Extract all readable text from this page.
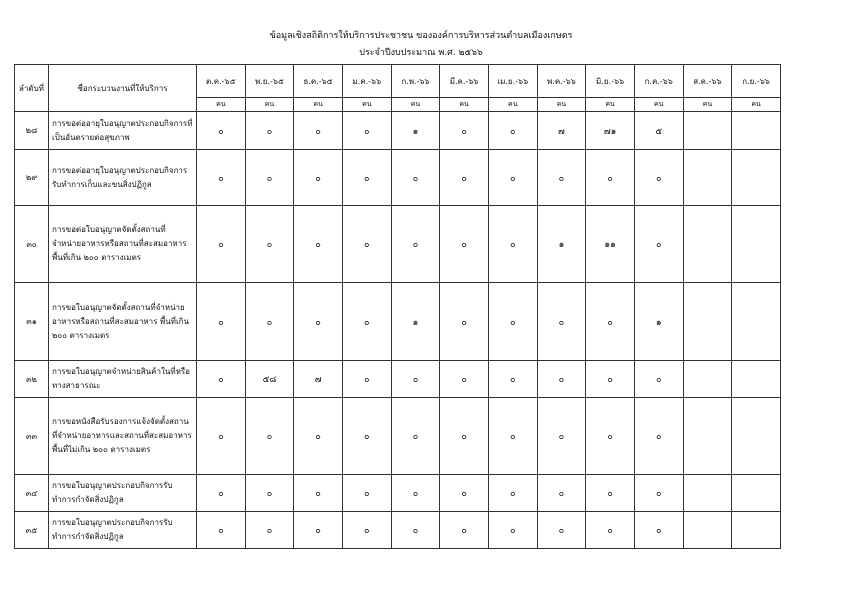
ข้อมูลเชิงสถิติการให้บริการประชาชน ขององค์การบริหารส่วนตำบลเมืองเกษตร
ประจำปีงบประมาณ พ.ศ. ๒๕๖๖
ลำดับที่	ชื่อกระบวนงานที่ให้บริการ	ต.ค.-๖๕	พ.ย.-๖๕	ธ.ค.-๖๕	ม.ค.-๖๖	ก.พ.-๖๖	มี.ค.-๖๖	เม.ย.-๖๖	พ.ค.-๖๖	มิ.ย.-๖๖	ก.ค.-๖๖	ส.ค.-๖๖	ก.ย.-๖๖
		คน	คน	คน	คน	คน	คน	คน	คน	คน	คน	คน	คน
๒๘	การขอต่ออายุใบอนุญาตประกอบกิจการที่เป็นอันตรายต่อสุขภาพ	๐	๐	๐	๐	๑	๐	๐	๗	๗๑	๕		
๒๙	การขอต่ออายุใบอนุญาตประกอบกิจการรับทำการเก็บและขนสิ่งปฏิกูล	๐	๐	๐	๐	๐	๐	๐	๐	๐	๐		
๓๐	การขอต่อใบอนุญาตจัดตั้งสถานที่จำหน่ายอาหารหรือสถานที่สะสมอาหาร พื้นที่เกิน ๒๐๐ ตารางเมตร	๐	๐	๐	๐	๐	๐	๐	๑	๑๑	๐		
๓๑	การขอใบอนุญาตจัดตั้งสถานที่จำหน่ายอาหารหรือสถานที่สะสมอาหาร พื้นที่เกิน ๒๐๐ ตารางเมตร	๐	๐	๐	๐	๑	๐	๐	๐	๐	๑		
๓๒	การขอใบอนุญาตจำหน่ายสินค้าในที่หรือทางสาธารณะ	๐	๕๘	๗	๐	๐	๐	๐	๐	๐	๐		
๓๓	การขอหนังสือรับรองการแจ้งจัดตั้งสถานที่จำหน่ายอาหารและสถานที่สะสมอาหารพื้นที่ไม่เกิน ๒๐๐ ตารางเมตร	๐	๐	๐	๐	๐	๐	๐	๐	๐	๐		
๓๔	การขอใบอนุญาตประกอบกิจการรับทำการกำจัดสิ่งปฏิกูล	๐	๐	๐	๐	๐	๐	๐	๐	๐	๐		
๓๕	การขอใบอนุญาตประกอบกิจการรับทำการกำจัดสิ่งปฏิกูล	๐	๐	๐	๐	๐	๐	๐	๐	๐	๐		
